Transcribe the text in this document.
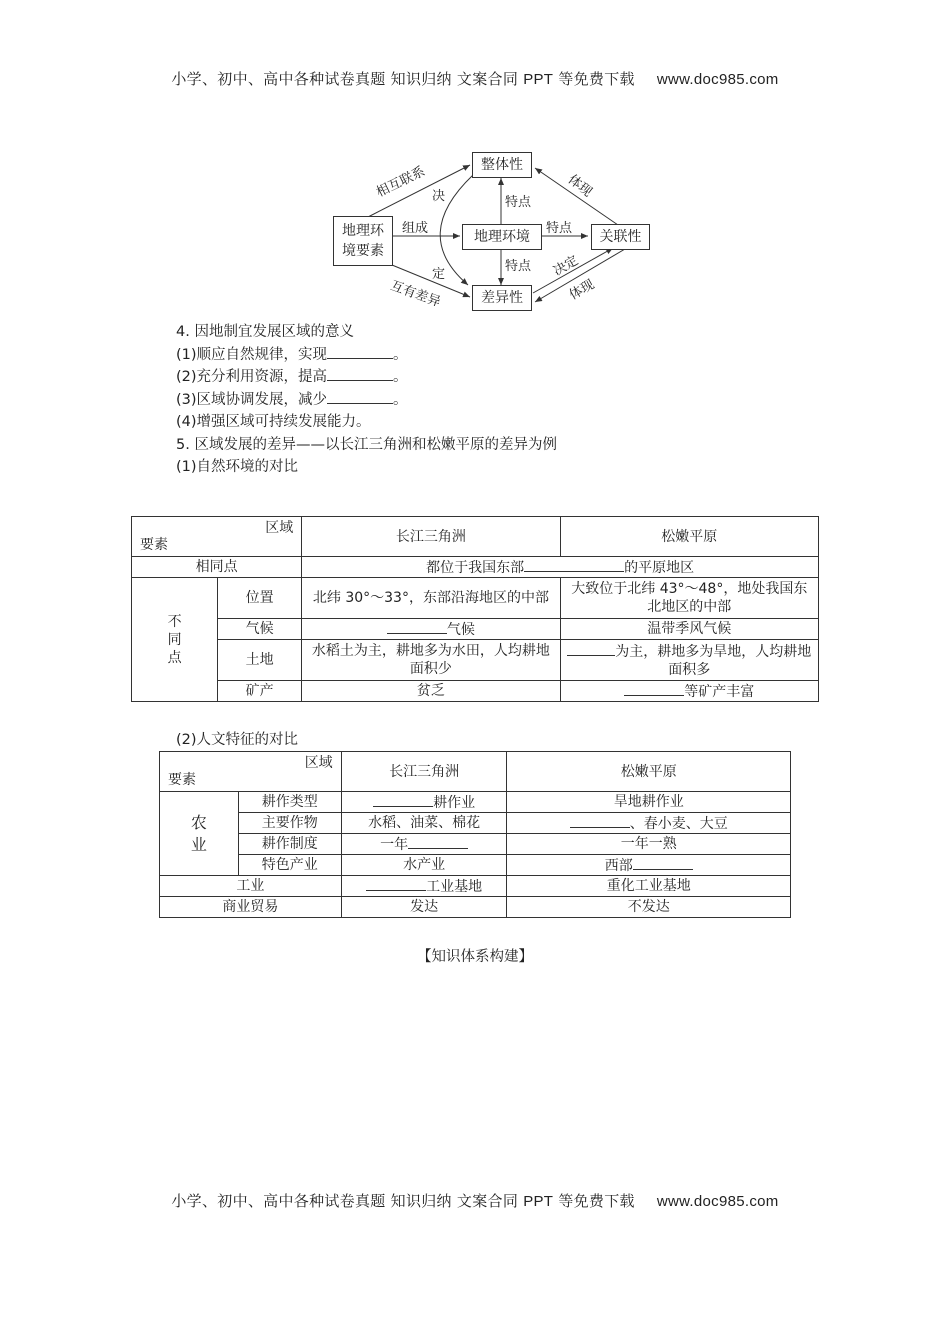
小学、初中、高中各种试卷真题 知识归纳 文案合同 PPT 等免费下载 www.doc985.com
地理环
境要素
地理环境
整体性
差异性
关联性
相互联系
组成
互有差异
决
定
特点
特点
特点
体现
决定
体现
4. 因地制宜发展区域的意义
(1)顺应自然规律，实现	。
(2)充分利用资源，提高	。
(3)区域协调发展，减少	。
(4)增强区域可持续发展能力。
5. 区域发展的差异——以长江三角洲和松嫩平原的差异为例
(1)自然环境的对比
区域
要素		长江三角洲	松嫩平原
相同点		都位于我国东部 的平原地区	

不
同
点	位置	北纬 30°～33°，东部沿海地区的中部	大致位于北纬 43°～48°，地处我国东北地区的中部
	气候	气候	温带季风气候
	土地	水稻土为主，耕地多为水田，人均耕地面积少	为主，耕地多为旱地，人均耕地面积多
	矿产	贫乏	等矿产丰富
(2)人文特征的对比
区域
要素		长江三角洲	松嫩平原

农
业	耕作类型	耕作业	旱地耕作业
	主要作物	水稻、油菜、棉花	、春小麦、大豆
	耕作制度	一年	一年一熟
	特色产业	水产业	西部
工业		工业基地	重化工业基地
商业贸易		发达	不发达
【知识体系构建】
小学、初中、高中各种试卷真题 知识归纳 文案合同 PPT 等免费下载 www.doc985.com
